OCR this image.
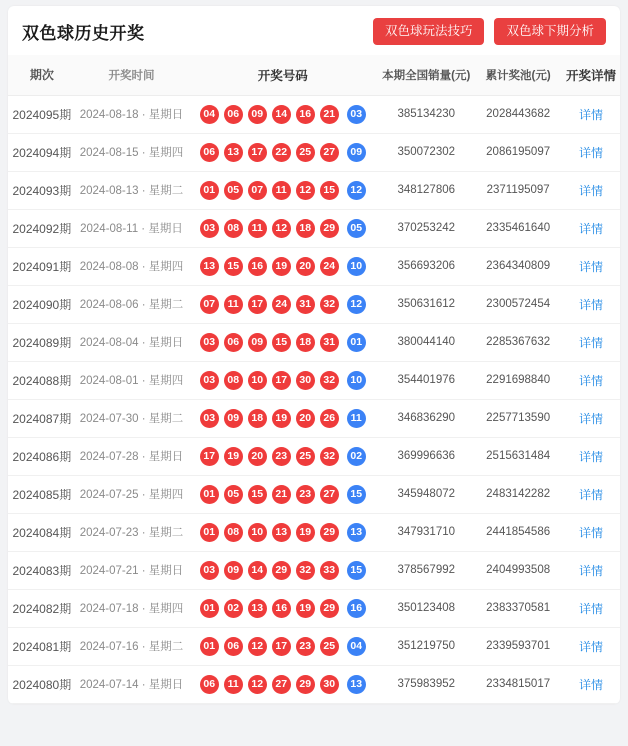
双色球历史开奖	双色球玩法技巧	双色球下期分析
期次	开奖时间	开奖号码	本期全国销量(元)	累计奖池(元)	开奖详情
2024095期	2024-08-18 · 星期日	04	06	09	14	16	21	03	385134230	2028443682	详情
2024094期	2024-08-15 · 星期四	06	13	17	22	25	27	09	350072302	2086195097	详情
2024093期	2024-08-13 · 星期二	01	05	07	11	12	15	12	348127806	2371195097	详情
2024092期	2024-08-11 · 星期日	03	08	11	12	18	29	05	370253242	2335461640	详情
2024091期	2024-08-08 · 星期四	13	15	16	19	20	24	10	356693206	2364340809	详情
2024090期	2024-08-06 · 星期二	07	11	17	24	31	32	12	350631612	2300572454	详情
2024089期	2024-08-04 · 星期日	03	06	09	15	18	31	01	380044140	2285367632	详情
2024088期	2024-08-01 · 星期四	03	08	10	17	30	32	10	354401976	2291698840	详情
2024087期	2024-07-30 · 星期二	03	09	18	19	20	26	11	346836290	2257713590	详情
2024086期	2024-07-28 · 星期日	17	19	20	23	25	32	02	369996636	2515631484	详情
2024085期	2024-07-25 · 星期四	01	05	15	21	23	27	15	345948072	2483142282	详情
2024084期	2024-07-23 · 星期二	01	08	10	13	19	29	13	347931710	2441854586	详情
2024083期	2024-07-21 · 星期日	03	09	14	29	32	33	15	378567992	2404993508	详情
2024082期	2024-07-18 · 星期四	01	02	13	16	19	29	16	350123408	2383370581	详情
2024081期	2024-07-16 · 星期二	01	06	12	17	23	25	04	351219750	2339593701	详情
2024080期	2024-07-14 · 星期日	06	11	12	27	29	30	13	375983952	2334815017	详情
